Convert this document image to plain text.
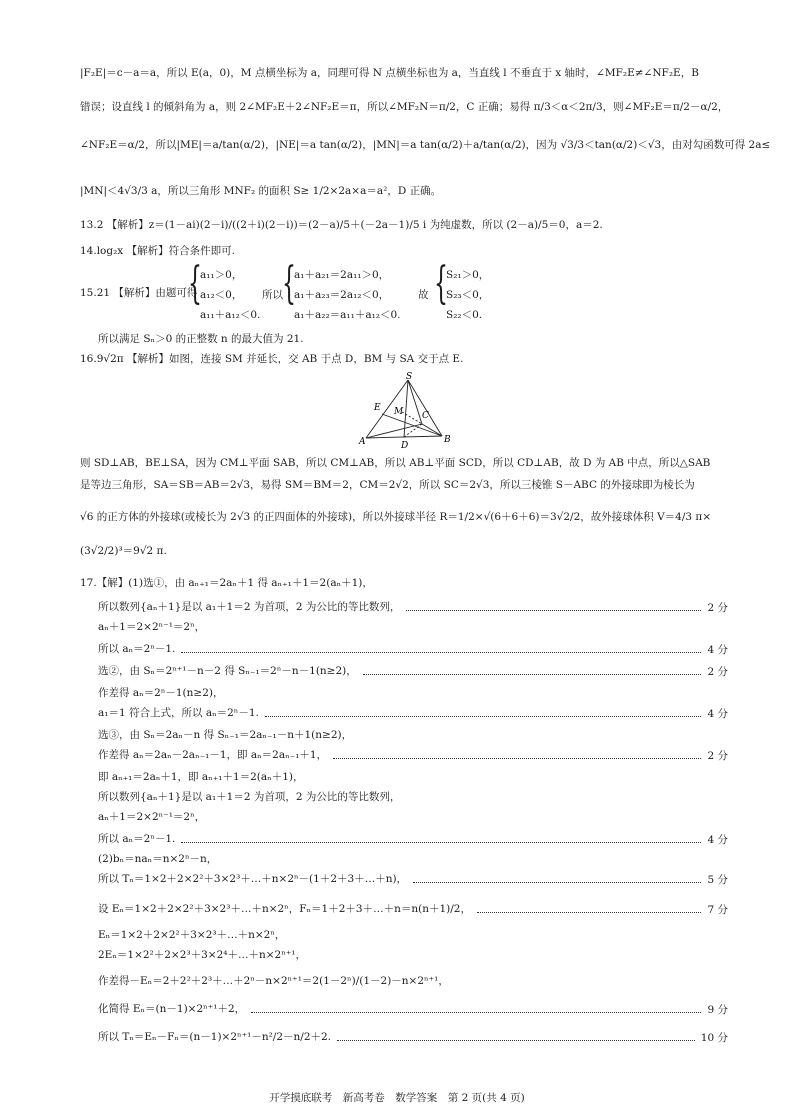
|F₂E|＝c－a＝a，所以 E(a，0)，M 点横坐标为 a，同理可得 N 点横坐标也为 a，当直线 l 不垂直于 x 轴时，∠MF₂E≠∠NF₂E，B
错误；设直线 l 的倾斜角为 a，则 2∠MF₂E＋2∠NF₂E＝π，所以∠MF₂N＝π/2，C 正确；易得 π/3＜α＜2π/3，则∠MF₂E＝π/2－α/2，
∠NF₂E＝α/2，所以|ME|＝a/tan(α/2)，|NE|＝a tan(α/2)，|MN|＝a tan(α/2)＋a/tan(α/2)，因为 √3/3＜tan(α/2)＜√3，由对勾函数可得 2a≤
|MN|＜4√3/3 a，所以三角形 MNF₂ 的面积 S≥ 1/2×2a×a＝a²，D 正确。
13.2 【解析】z＝(1－ai)(2－i)/((2＋i)(2－i))＝(2－a)/5＋(－2a－1)/5 i 为纯虚数，所以 (2－a)/5＝0，a＝2.
14.log₂x 【解析】符合条件即可.
15.21 【解析】由题可得
{
a₁₁＞0，
a₁₂＜0，
a₁₁＋a₁₂＜0.
所以 {
a₁＋a₂₁＝2a₁₁＞0，
a₁＋a₂₃＝2a₁₂＜0，
a₁＋a₂₂＝a₁₁＋a₁₂＜0.
故 {
S₂₁＞0，
S₂₃＜0，
S₂₂＜0.
所以满足 Sₙ＞0 的正整数 n 的最大值为 21.
16.9√2π 【解析】如图，连接 SM 并延长，交 AB 于点 D，BM 与 SA 交于点 E.
S
E M C
A	D
B
则 SD⊥AB，BE⊥SA，因为 CM⊥平面 SAB，所以 CM⊥AB，所以 AB⊥平面 SCD，所以 CD⊥AB，故 D 为 AB 中点，所以△SAB
是等边三角形，SA＝SB＝AB＝2√3，易得 SM＝BM＝2，CM＝2√2，所以 SC＝2√3，所以三棱锥 S－ABC 的外接球即为棱长为
√6 的正方体的外接球(或棱长为 2√3 的正四面体的外接球)，所以外接球半径 R＝1/2×√(6＋6＋6)＝3√2/2，故外接球体积 V＝4/3 π×
(3√2/2)³＝9√2 π.
17.【解】(1)选①，由 aₙ₊₁＝2aₙ＋1 得 aₙ₊₁＋1＝2(aₙ＋1)，
所以数列{aₙ＋1}是以 a₁＋1＝2 为首项，2 为公比的等比数列，	2 分
aₙ＋1＝2×2ⁿ⁻¹＝2ⁿ，
所以 aₙ＝2ⁿ－1.	4 分
选②，由 Sₙ＝2ⁿ⁺¹－n－2 得 Sₙ₋₁＝2ⁿ－n－1(n≥2)，	2 分
作差得 aₙ＝2ⁿ－1(n≥2)，
a₁＝1 符合上式，所以 aₙ＝2ⁿ－1.	4 分
选③，由 Sₙ＝2aₙ－n 得 Sₙ₋₁＝2aₙ₋₁－n＋1(n≥2)，
作差得 aₙ＝2aₙ－2aₙ₋₁－1，即 aₙ＝2aₙ₋₁＋1，	2 分
即 aₙ₊₁＝2aₙ＋1，即 aₙ₊₁＋1＝2(aₙ＋1)，
所以数列{aₙ＋1}是以 a₁＋1＝2 为首项，2 为公比的等比数列，
aₙ＋1＝2×2ⁿ⁻¹＝2ⁿ，
所以 aₙ＝2ⁿ－1.	4 分
(2)bₙ＝naₙ＝n×2ⁿ－n，
所以 Tₙ＝1×2＋2×2²＋3×2³＋…＋n×2ⁿ－(1＋2＋3＋…＋n)，	5 分
设 Eₙ＝1×2＋2×2²＋3×2³＋…＋n×2ⁿ，Fₙ＝1＋2＋3＋…＋n＝n(n＋1)/2，	7 分
Eₙ＝1×2＋2×2²＋3×2³＋…＋n×2ⁿ，
2Eₙ＝1×2²＋2×2³＋3×2⁴＋…＋n×2ⁿ⁺¹，
作差得－Eₙ＝2＋2²＋2³＋…＋2ⁿ－n×2ⁿ⁺¹＝2(1－2ⁿ)/(1－2)－n×2ⁿ⁺¹，
化简得 Eₙ＝(n－1)×2ⁿ⁺¹＋2，	9 分
所以 Tₙ＝Eₙ－Fₙ＝(n－1)×2ⁿ⁺¹－n²/2－n/2＋2.	10 分
开学摸底联考　新高考卷　数学答案　第 2 页(共 4 页)
